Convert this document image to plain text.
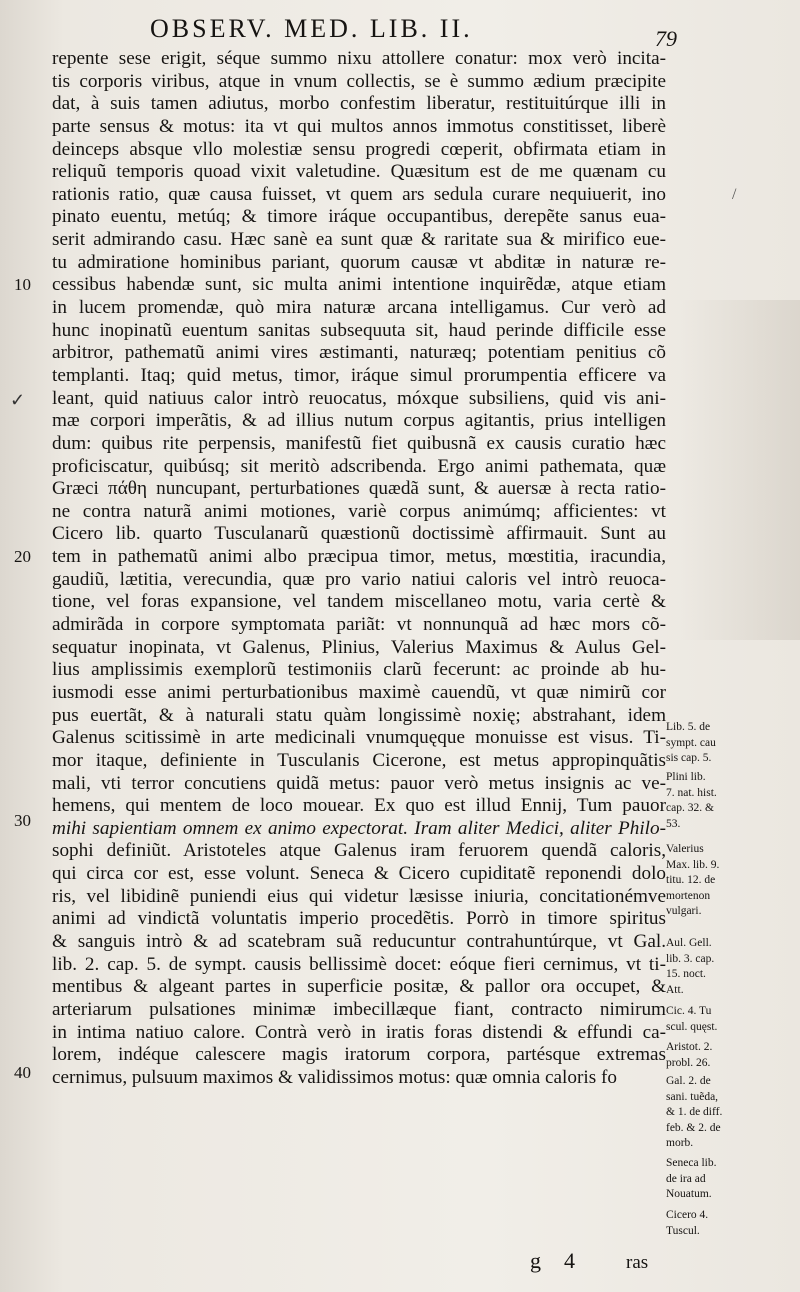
OBSERV. MED. LIB. II.	79
repente sese erigit, séque summo nixu attollere conatur: mox verò incita-
tis corporis viribus, atque in vnum collectis, se è summo ædium præcipite
dat, à suis tamen adiutus, morbo confestim liberatur, restituitúrque illi in
parte sensus & motus: ita vt qui multos annos immotus constitisset, liberè
deinceps absque vllo molestiæ sensu progredi cœperit, obfirmata etiam in
reliquũ temporis quoad vixit valetudine. Quæsitum est de me quænam cu
rationis ratio, quæ causa fuisset, vt quem ars sedula curare nequiuerit, ino
pinato euentu, metúq; & timore iráque occupantibus, derepẽte sanus eua-
serit admirando casu. Hæc sanè ea sunt quæ & raritate sua & mirifico eue-
tu admiratione hominibus pariant, quorum causæ vt abditæ in naturæ re-
cessibus habendæ sunt, sic multa animi intentione inquirẽdæ, atque etiam
in lucem promendæ, quò mira naturæ arcana intelligamus. Cur verò ad
hunc inopinatũ euentum sanitas subsequuta sit, haud perinde difficile esse
arbitror, pathematũ animi vires æstimanti, naturæq; potentiam penitius cõ
templanti. Itaq; quid metus, timor, iráque simul prorumpentia efficere va
leant, quid natiuus calor intrò reuocatus, móxque subsiliens, quid vis ani-
mæ corpori imperãtis, & ad illius nutum corpus agitantis, prius intelligen
dum: quibus rite perpensis, manifestũ fiet quibusnã ex causis curatio hæc
proficiscatur, quibúsq; sit meritò adscribenda. Ergo animi pathemata, quæ
Græci πάθη nuncupant, perturbationes quædã sunt, & auersæ à recta ratio-
ne contra naturã animi motiones, variè corpus animúmq; afficientes: vt
Cicero lib. quarto Tusculanarũ quæstionũ doctissimè affirmauit. Sunt au
tem in pathematũ animi albo præcipua timor, metus, mœstitia, iracundia,
gaudiũ, lætitia, verecundia, quæ pro vario natiui caloris vel intrò reuoca-
tione, vel foras expansione, vel tandem miscellaneo motu, varia certè &
admirãda in corpore symptomata pariãt: vt nonnunquã ad hæc mors cõ-
sequatur inopinata, vt Galenus, Plinius, Valerius Maximus & Aulus Gel-
lius amplissimis exemplorũ testimoniis clarũ fecerunt: ac proinde ab hu-
iusmodi esse animi perturbationibus maximè cauendũ, vt quæ nimirũ cor
pus euertãt, & à naturali statu quàm longissimè noxię; abstrahant, idem
Galenus scitissimè in arte medicinali vnumquęque monuisse est visus. Ti-
mor itaque, definiente in Tusculanis Cicerone, est metus appropinquãtis
mali, vti terror concutiens quidã metus: pauor verò metus insignis ac ve-
hemens, qui mentem de loco mouear. Ex quo est illud Ennij, Tum pauor
mihi sapientiam omnem ex animo expectorat. Iram aliter Medici, aliter Philo-
sophi definiũt. Aristoteles atque Galenus iram feruorem quendã caloris,
qui circa cor est, esse volunt. Seneca & Cicero cupiditatẽ reponendi dolo
ris, vel libidinẽ puniendi eius qui videtur læsisse iniuria, concitationémve
animi ad vindictã voluntatis imperio procedẽtis. Porrò in timore spiritus
& sanguis intrò & ad scatebram suã reducuntur contrahuntúrque, vt Gal.
lib. 2. cap. 5. de sympt. causis bellissimè docet: eóque fieri cernimus, vt ti-
mentibus & algeant partes in superficie positæ, & pallor ora occupet, &
arteriarum pulsationes minimæ imbecillæque fiant, contracto nimirum
in intima natiuo calore. Contrà verò in iratis foras distendi & effundi ca-
lorem, indéque calescere magis iratorum corpora, partésque extremas
cernimus, pulsuum maximos & validissimos motus: quæ omnia caloris fo
10
20
30
40
✓
/
Lib. 5. de
sympt. cau
sis cap. 5.
Plini lib.
7. nat. hist.
cap. 32. &
53.
Valerius
Max. lib. 9.
titu. 12. de
mortenon
vulgari.
Aul. Gell.
lib. 3. cap.
15. noct.
Att.
Cic. 4. Tu
scul. quęst.
Aristot. 2.
probl. 26.
Gal. 2. de
sani. tuẽda,
& 1. de diff.
feb. & 2. de
morb.
Seneca lib.
de ira ad
Nouatum.
Cicero 4.
Tuscul.
g 4	ras
